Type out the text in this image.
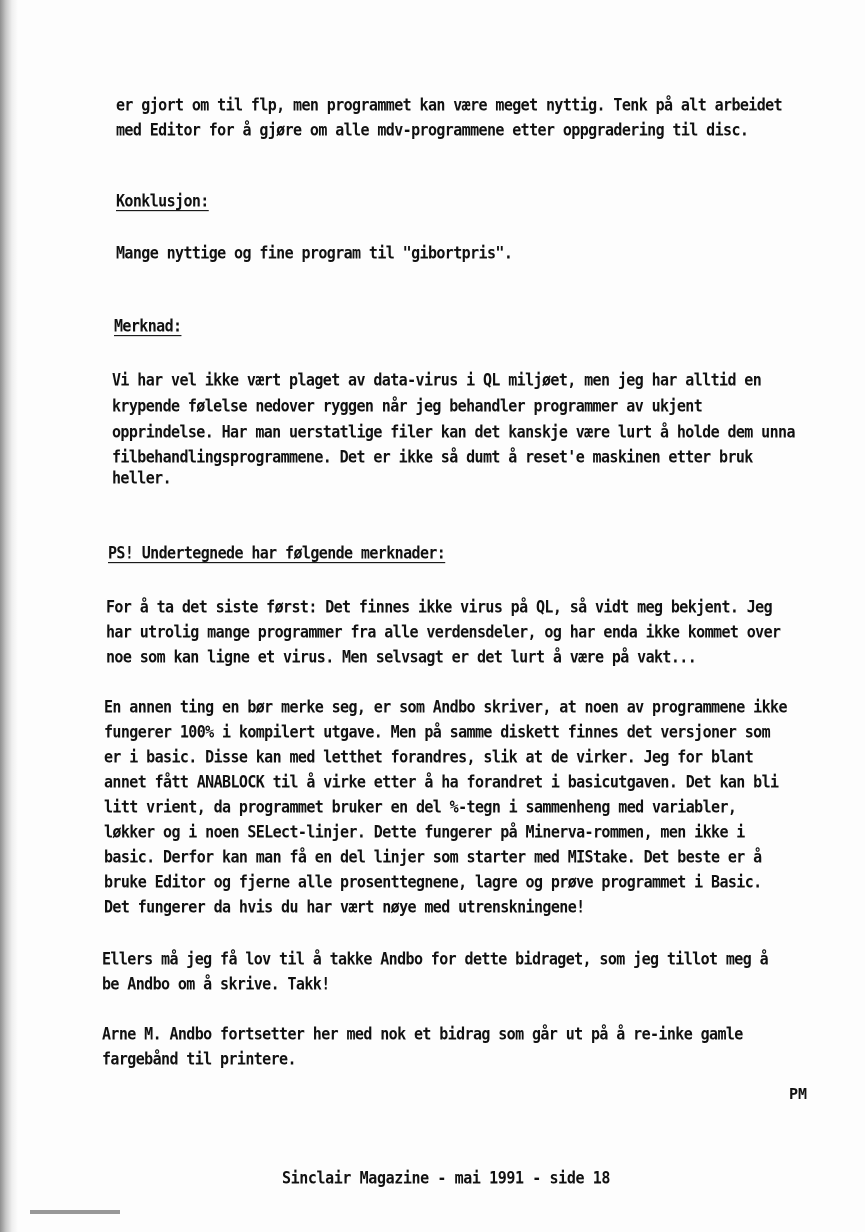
er gjort om til flp, men programmet kan være meget nyttig. Tenk på alt arbeidet
med Editor for å gjøre om alle mdv-programmene etter oppgradering til disc.
Konklusjon:
Mange nyttige og fine program til "gibortpris".
Merknad:
Vi har vel ikke vært plaget av data-virus i QL miljøet, men jeg har alltid en
krypende følelse nedover ryggen når jeg behandler programmer av ukjent
opprindelse. Har man uerstatlige filer kan det kanskje være lurt å holde dem unna
filbehandlingsprogrammene. Det er ikke så dumt å reset'e maskinen etter bruk
heller.
PS! Undertegnede har følgende merknader:
For å ta det siste først: Det finnes ikke virus på QL, så vidt meg bekjent. Jeg
har utrolig mange programmer fra alle verdensdeler, og har enda ikke kommet over
noe som kan ligne et virus. Men selvsagt er det lurt å være på vakt...
En annen ting en bør merke seg, er som Andbo skriver, at noen av programmene ikke
fungerer 100% i kompilert utgave. Men på samme diskett finnes det versjoner som
er i basic. Disse kan med letthet forandres, slik at de virker. Jeg for blant
annet fått ANABLOCK til å virke etter å ha forandret i basicutgaven. Det kan bli
litt vrient, da programmet bruker en del %-tegn i sammenheng med variabler,
løkker og i noen SELect-linjer. Dette fungerer på Minerva-rommen, men ikke i
basic. Derfor kan man få en del linjer som starter med MIStake. Det beste er å
bruke Editor og fjerne alle prosenttegnene, lagre og prøve programmet i Basic.
Det fungerer da hvis du har vært nøye med utrenskningene!
Ellers må jeg få lov til å takke Andbo for dette bidraget, som jeg tillot meg å
be Andbo om å skrive. Takk!
Arne M. Andbo fortsetter her med nok et bidrag som går ut på å re-inke gamle
fargebånd til printere.
PM
Sinclair Magazine - mai 1991 - side 18
